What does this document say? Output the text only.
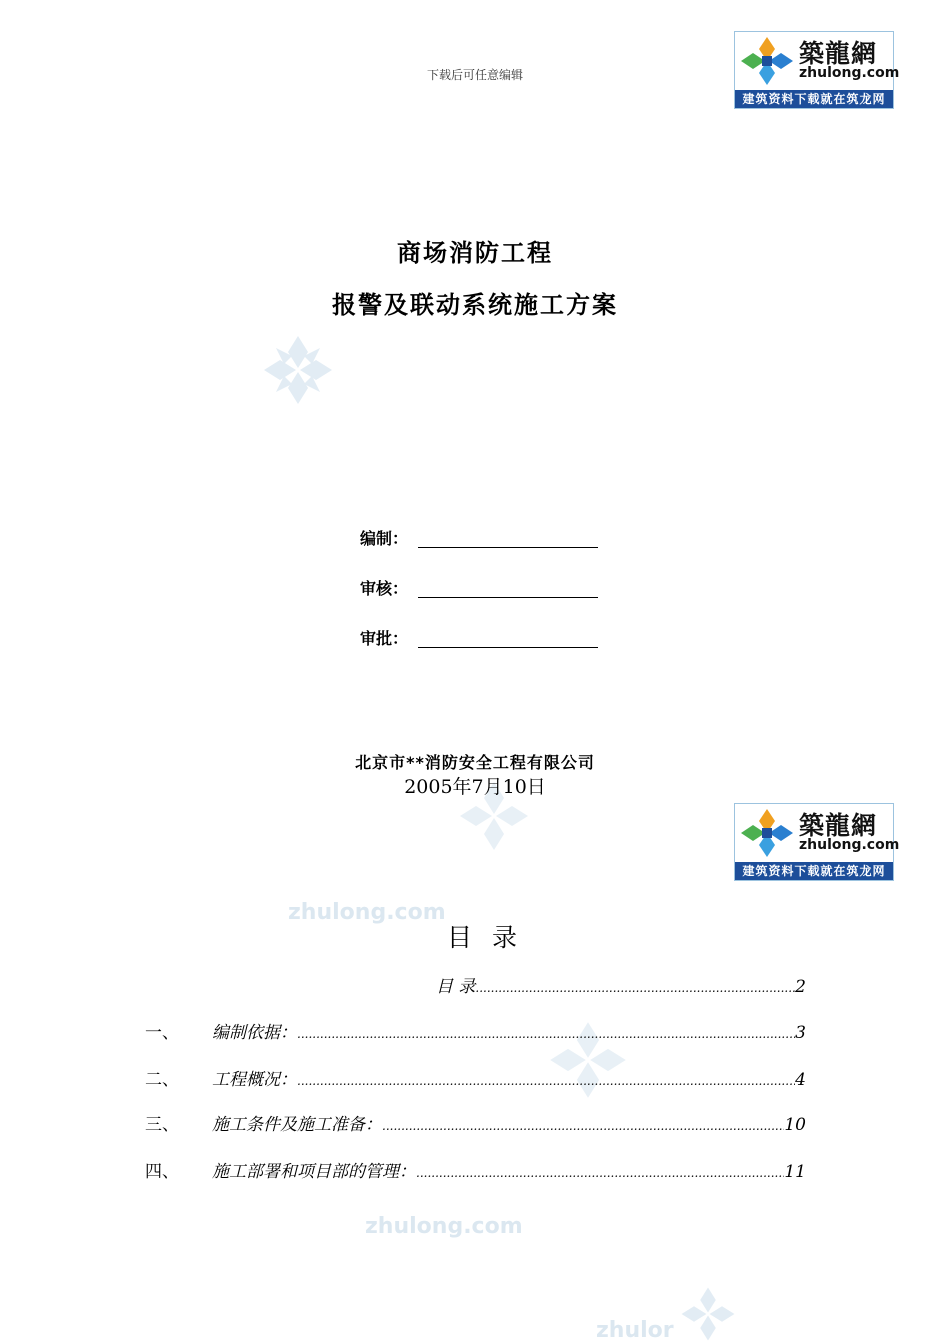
下载后可任意编辑
築龍網
zhulong.com
建筑资料下载就在筑龙网
商场消防工程
报警及联动系统施工方案
编制：
审核：
审批：
北京市**消防安全工程有限公司
2005年7月10日
築龍網
zhulong.com
建筑资料下载就在筑龙网
zhulong.com
zhulong.com
zhulor
目 录
目 录 .....	2
一、 编制依据： .....	3
二、 工程概况： .....	4
三、 施工条件及施工准备： .....	10
四、 施工部署和项目部的管理： .....	11
